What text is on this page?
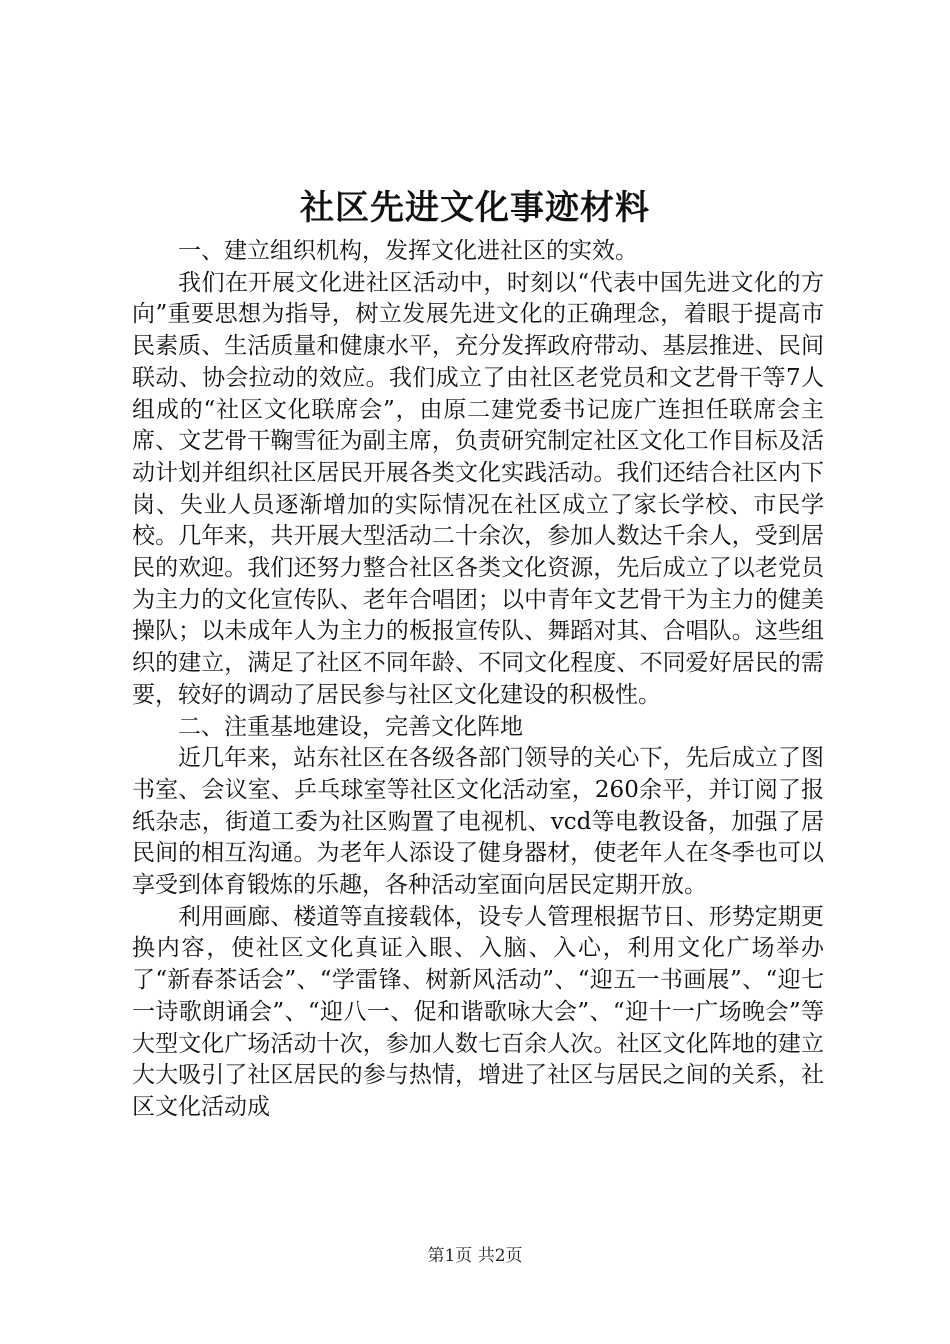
社区先进文化事迹材料

一、建立组织机构，发挥文化进社区的实效。

我们在开展文化进社区活动中，时刻以“代表中国先进文化的方向”重要思想为指导，树立发展先进文化的正确理念，着眼于提高市民素质、生活质量和健康水平，充分发挥政府带动、基层推进、民间联动、协会拉动的效应。我们成立了由社区老党员和文艺骨干等7人组成的“社区文化联席会”，由原二建党委书记庞广连担任联席会主席、文艺骨干鞠雪征为副主席，负责研究制定社区文化工作目标及活动计划并组织社区居民开展各类文化实践活动。我们还结合社区内下岗、失业人员逐渐增加的实际情况在社区成立了家长学校、市民学校。几年来，共开展大型活动二十余次，参加人数达千余人，受到居民的欢迎。我们还努力整合社区各类文化资源，先后成立了以老党员为主力的文化宣传队、老年合唱团；以中青年文艺骨干为主力的健美操队；以未成年人为主力的板报宣传队、舞蹈对其、合唱队。这些组织的建立，满足了社区不同年龄、不同文化程度、不同爱好居民的需要，较好的调动了居民参与社区文化建设的积极性。

二、注重基地建设，完善文化阵地

近几年来，站东社区在各级各部门领导的关心下，先后成立了图书室、会议室、乒乓球室等社区文化活动室，260余平，并订阅了报纸杂志，街道工委为社区购置了电视机、vcd等电教设备，加强了居民间的相互沟通。为老年人添设了健身器材，使老年人在冬季也可以享受到体育锻炼的乐趣，各种活动室面向居民定期开放。

利用画廊、楼道等直接载体，设专人管理根据节日、形势定期更换内容，使社区文化真证入眼、入脑、入心，利用文化广场举办了“新春茶话会”、“学雷锋、树新风活动”、“迎五一书画展”、“迎七一诗歌朗诵会”、“迎八一、促和谐歌咏大会”、“迎十一广场晚会”等大型文化广场活动十次，参加人数七百余人次。社区文化阵地的建立大大吸引了社区居民的参与热情，增进了社区与居民之间的关系，社区文化活动成

第1页 共2页
